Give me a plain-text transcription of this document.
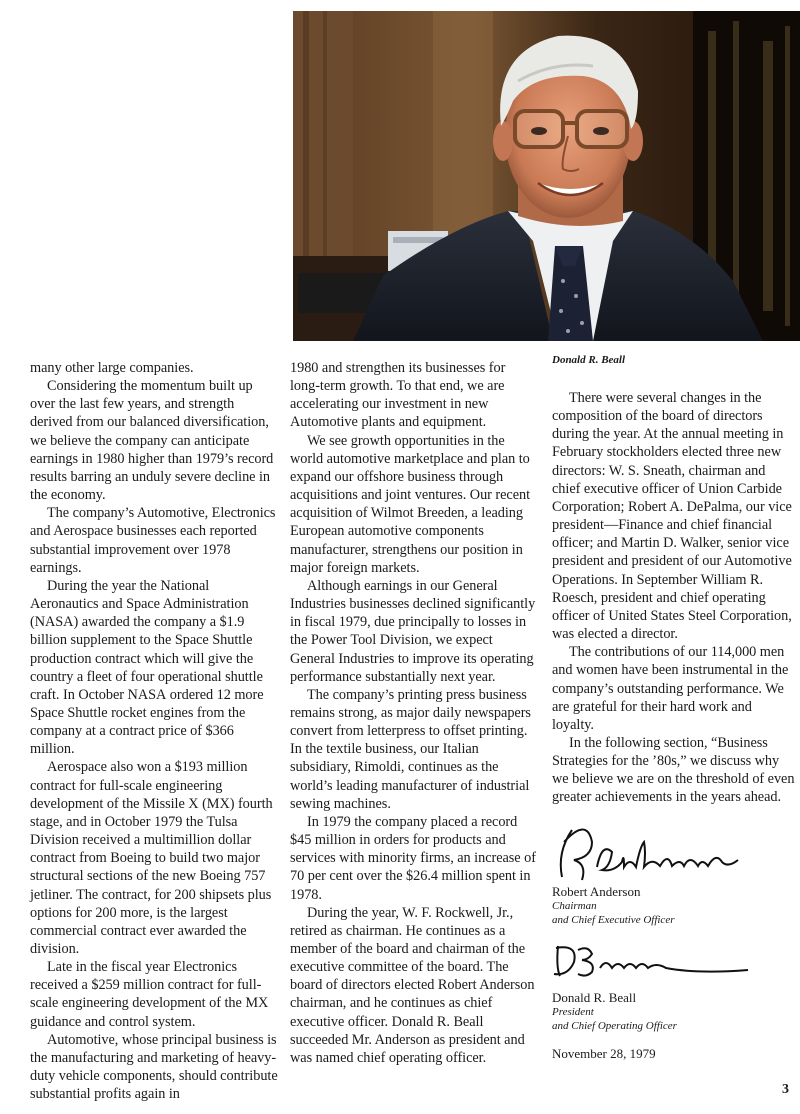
Donald R. Beall

many other large companies.

Considering the momentum built up over the last few years, and strength derived from our balanced diversification, we believe the company can anticipate earnings in 1980 higher than 1979’s record results barring an unduly severe decline in the economy.

The company’s Automotive, Electronics and Aerospace businesses each reported substantial improvement over 1978 earnings.

During the year the National Aeronautics and Space Administration (NASA) awarded the company a $1.9 billion supplement to the Space Shuttle production contract which will give the country a fleet of four operational shuttle craft. In October NASA ordered 12 more Space Shuttle rocket engines from the company at a contract price of $366 million.

Aerospace also won a $193 million contract for full-scale engineering development of the Missile X (MX) fourth stage, and in October 1979 the Tulsa Division received a multimillion dollar contract from Boeing to build two major structural sections of the new Boeing 757 jetliner. The contract, for 200 shipsets plus options for 200 more, is the largest commercial contract ever awarded the division.

Late in the fiscal year Electronics received a $259 million contract for full-scale engineering development of the MX guidance and control system.

Automotive, whose principal business is the manufacturing and marketing of heavy-duty vehicle components, should contribute substantial profits again in

1980 and strengthen its businesses for long-term growth. To that end, we are accelerating our investment in new Automotive plants and equipment.

We see growth opportunities in the world automotive marketplace and plan to expand our offshore business through acquisitions and joint ventures. Our recent acquisition of Wilmot Breeden, a leading European automotive components manufacturer, strengthens our position in major foreign markets.

Although earnings in our General Industries businesses declined significantly in fiscal 1979, due principally to losses in the Power Tool Division, we expect General Industries to improve its operating performance substantially next year.

The company’s printing press business remains strong, as major daily newspapers convert from letterpress to offset printing. In the textile business, our Italian subsidiary, Rimoldi, continues as the world’s leading manufacturer of industrial sewing machines.

In 1979 the company placed a record $45 million in orders for products and services with minority firms, an increase of 70 per cent over the $26.4 million spent in 1978.

During the year, W. F. Rockwell, Jr., retired as chairman. He continues as a member of the board and chairman of the executive committee of the board. The board of directors elected Robert Anderson chairman, and he continues as chief executive officer. Donald R. Beall succeeded Mr. Anderson as president and was named chief operating officer.

There were several changes in the composition of the board of directors during the year. At the annual meeting in February stockholders elected three new directors: W. S. Sneath, chairman and chief executive officer of Union Carbide Corporation; Robert A. DePalma, our vice president—Finance and chief financial officer; and Martin D. Walker, senior vice president and president of our Automotive Operations. In September William R. Roesch, president and chief operating officer of United States Steel Corporation, was elected a director.

The contributions of our 114,000 men and women have been instrumental in the company’s outstanding performance. We are grateful for their hard work and loyalty.

In the following section, “Business Strategies for the ’80s,” we discuss why we believe we are on the threshold of even greater achievements in the years ahead.

Robert Anderson
Chairman
and Chief Executive Officer
Donald R. Beall
President
and Chief Operating Officer
November 28, 1979
3
